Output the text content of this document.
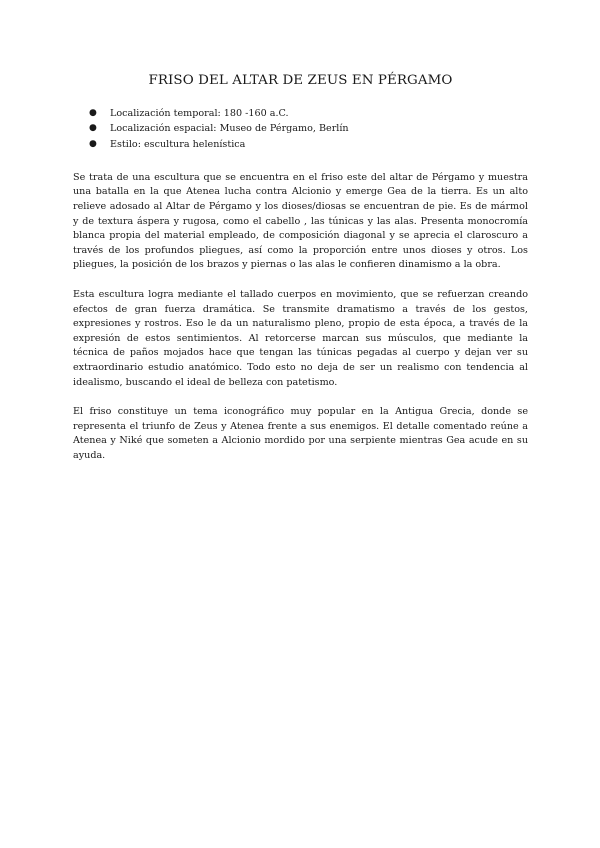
FRISO DEL ALTAR DE ZEUS EN PÉRGAMO
● Localización temporal: 180 -160 a.C.
● Localización espacial: Museo de Pérgamo, Berlín
● Estilo: escultura helenística

Se trata de una escultura que se encuentra en el friso este del altar de Pérgamo y muestra una batalla en la que Atenea lucha contra Alcionio y emerge Gea de la tierra. Es un alto relieve adosado al Altar de Pérgamo y los dioses/diosas se encuentran de pie. Es de mármol y de textura áspera y rugosa, como el cabello , las túnicas y las alas. Presenta monocromía blanca propia del material empleado, de composición diagonal y se aprecia el claroscuro a través de los profundos pliegues, así como la proporción entre unos dioses y otros. Los pliegues, la posición de los brazos y piernas o las alas le confieren dinamismo a la obra.

Esta escultura logra mediante el tallado cuerpos en movimiento, que se refuerzan creando efectos de gran fuerza dramática. Se transmite dramatismo a través de los gestos, expresiones y rostros. Eso le da un naturalismo pleno, propio de esta época, a través de la expresión de estos sentimientos. Al retorcerse marcan sus músculos, que mediante la técnica de paños mojados hace que tengan las túnicas pegadas al cuerpo y dejan ver su extraordinario estudio anatómico. Todo esto no deja de ser un realismo con tendencia al idealismo, buscando el ideal de belleza con patetismo.

El friso constituye un tema iconográfico muy popular en la Antigua Grecia, donde se representa el triunfo de Zeus y Atenea frente a sus enemigos. El detalle comentado reúne a Atenea y Niké que someten a Alcionio mordido por una serpiente mientras Gea acude en su ayuda.
